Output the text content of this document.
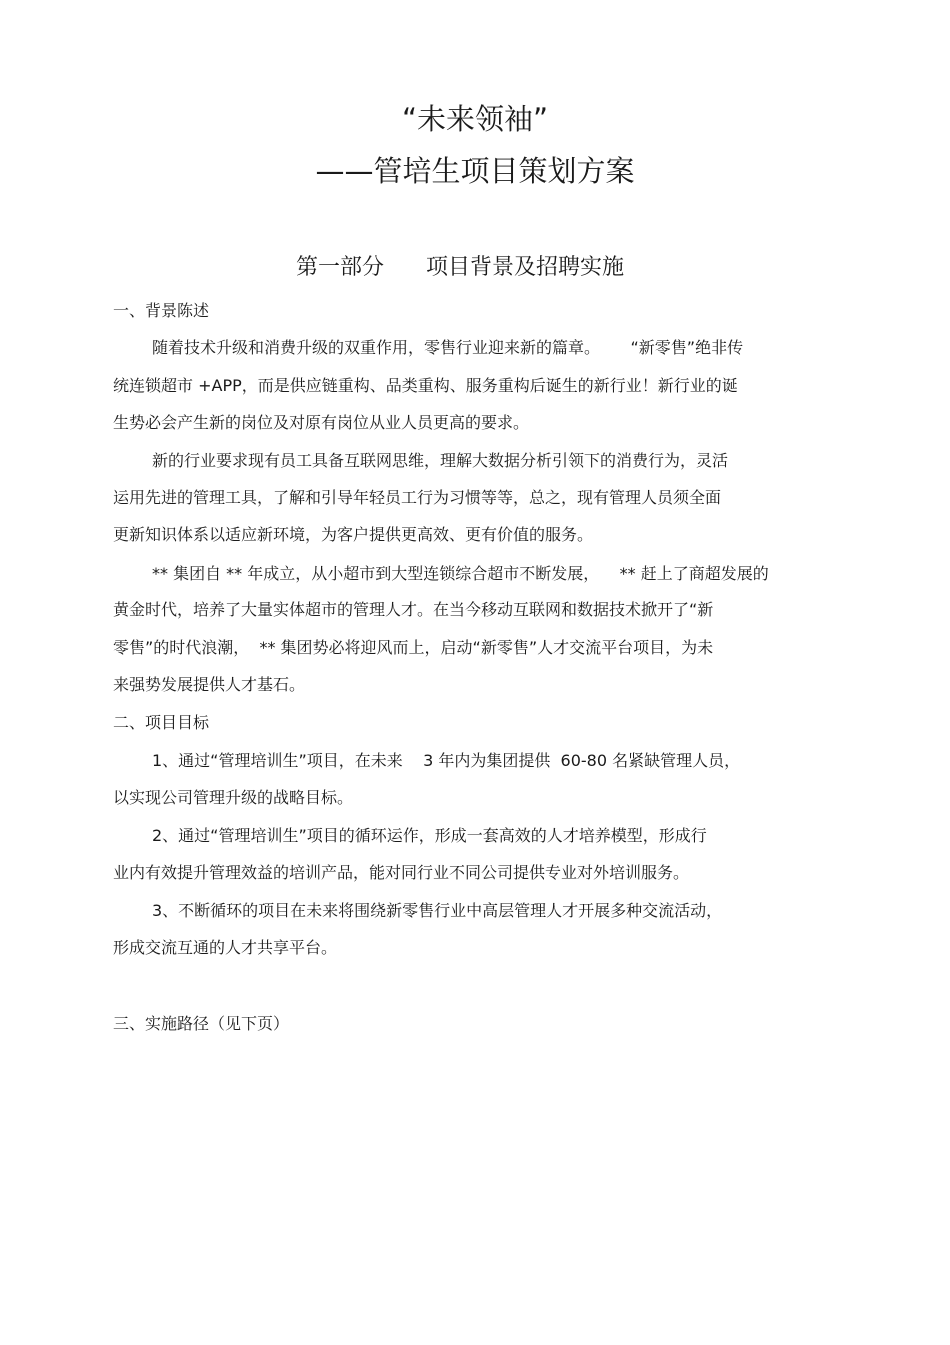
“未来领袖”
——管培生项目策划方案
第一部分      项目背景及招聘实施
一、背景陈述
随着技术升级和消费升级的双重作用，零售行业迎来新的篇章。      “新零售”绝非传
统连锁超市 +APP，而是供应链重构、品类重构、服务重构后诞生的新行业！新行业的诞
生势必会产生新的岗位及对原有岗位从业人员更高的要求。
新的行业要求现有员工具备互联网思维，理解大数据分析引领下的消费行为，灵活
运用先进的管理工具，了解和引导年轻员工行为习惯等等，总之，现有管理人员须全面
更新知识体系以适应新环境，为客户提供更高效、更有价值的服务。
** 集团自 ** 年成立，从小超市到大型连锁综合超市不断发展，    ** 赶上了商超发展的
黄金时代，培养了大量实体超市的管理人才。在当今移动互联网和数据技术掀开了“新
零售”的时代浪潮，  ** 集团势必将迎风而上，启动“新零售”人才交流平台项目，为未
来强势发展提供人才基石。
二、项目目标
1、通过“管理培训生”项目，在未来    3 年内为集团提供  60-80 名紧缺管理人员，
以实现公司管理升级的战略目标。
2、通过“管理培训生”项目的循环运作，形成一套高效的人才培养模型，形成行
业内有效提升管理效益的培训产品，能对同行业不同公司提供专业对外培训服务。
3、不断循环的项目在未来将围绕新零售行业中高层管理人才开展多种交流活动，
形成交流互通的人才共享平台。
三、实施路径（见下页）
